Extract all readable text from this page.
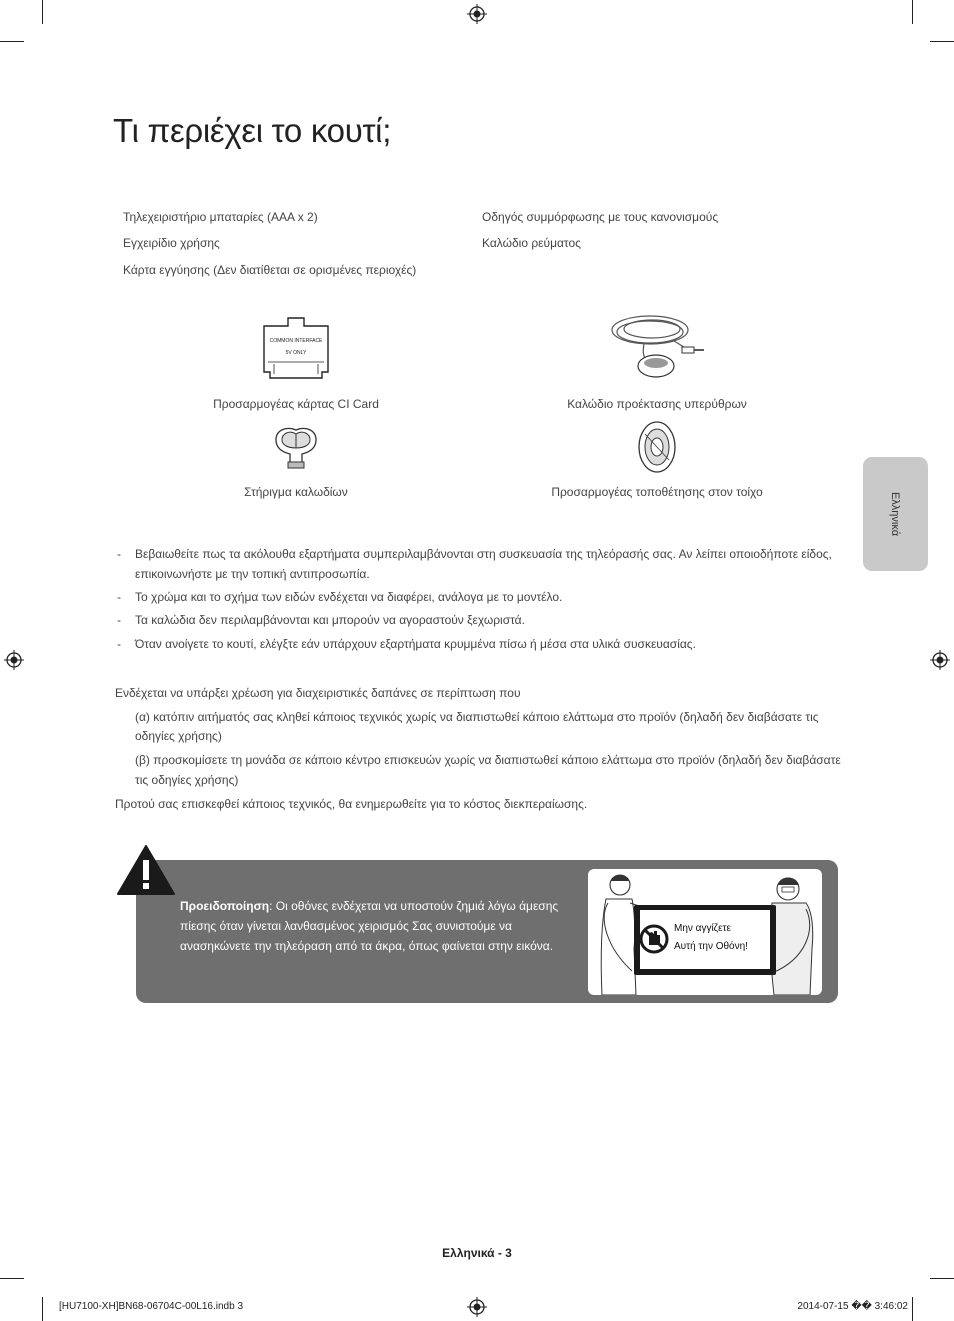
Τι περιέχει το κουτί;
Τηλεχειριστήριο μπαταρίες (AAA x 2)
Εγχειρίδιο χρήσης
Κάρτα εγγύησης (Δεν διατίθεται σε ορισμένες περιοχές)
Οδηγός συμμόρφωσης με τους κανονισμούς
Καλώδιο ρεύματος
COMMON INTERFACE
5V ONLY
Προσαρμογέας κάρτας CI Card	Καλώδιο προέκτασης υπερύθρων
Στήριγμα καλωδίων	Προσαρμογέας τοποθέτησης στον τοίχο
-	Βεβαιωθείτε πως τα ακόλουθα εξαρτήματα συμπεριλαμβάνονται στη συσκευασία της τηλεόρασής σας. Αν λείπει οποιοδήποτε είδος, επικοινωνήστε με την τοπική αντιπροσωπία.
-	Το χρώμα και το σχήμα των ειδών ενδέχεται να διαφέρει, ανάλογα με το μοντέλο.
-	Τα καλώδια δεν περιλαμβάνονται και μπορούν να αγοραστούν ξεχωριστά.
-	Όταν ανοίγετε το κουτί, ελέγξτε εάν υπάρχουν εξαρτήματα κρυμμένα πίσω ή μέσα στα υλικά συσκευασίας.
Ενδέχεται να υπάρξει χρέωση για διαχειριστικές δαπάνες σε περίπτωση που
(α) κατόπιν αιτήματός σας κληθεί κάποιος τεχνικός χωρίς να διαπιστωθεί κάποιο ελάττωμα στο προϊόν (δηλαδή δεν διαβάσατε τις
οδηγίες χρήσης)
(β) προσκομίσετε τη μονάδα σε κάποιο κέντρο επισκευών χωρίς να διαπιστωθεί κάποιο ελάττωμα στο προϊόν (δηλαδή δεν διαβάσατε
τις οδηγίες χρήσης)
Προτού σας επισκεφθεί κάποιος τεχνικός, θα ενημερωθείτε για το κόστος διεκπεραίωσης.
Ελληνικά
Προειδοποίηση: Οι οθόνες ενδέχεται να υποστούν ζημιά λόγω άμεσης πίεσης όταν γίνεται λανθασμένος χειρισμός Σας συνιστούμε να ανασηκώνετε την τηλεόραση από τα άκρα, όπως φαίνεται στην εικόνα.
Μην αγγίζετε
Αυτή την Οθόνη!
Ελληνικά - 3
[HU7100-XH]BN68-06704C-00L16.indb 3	2014-07-15 �� 3:46:02
